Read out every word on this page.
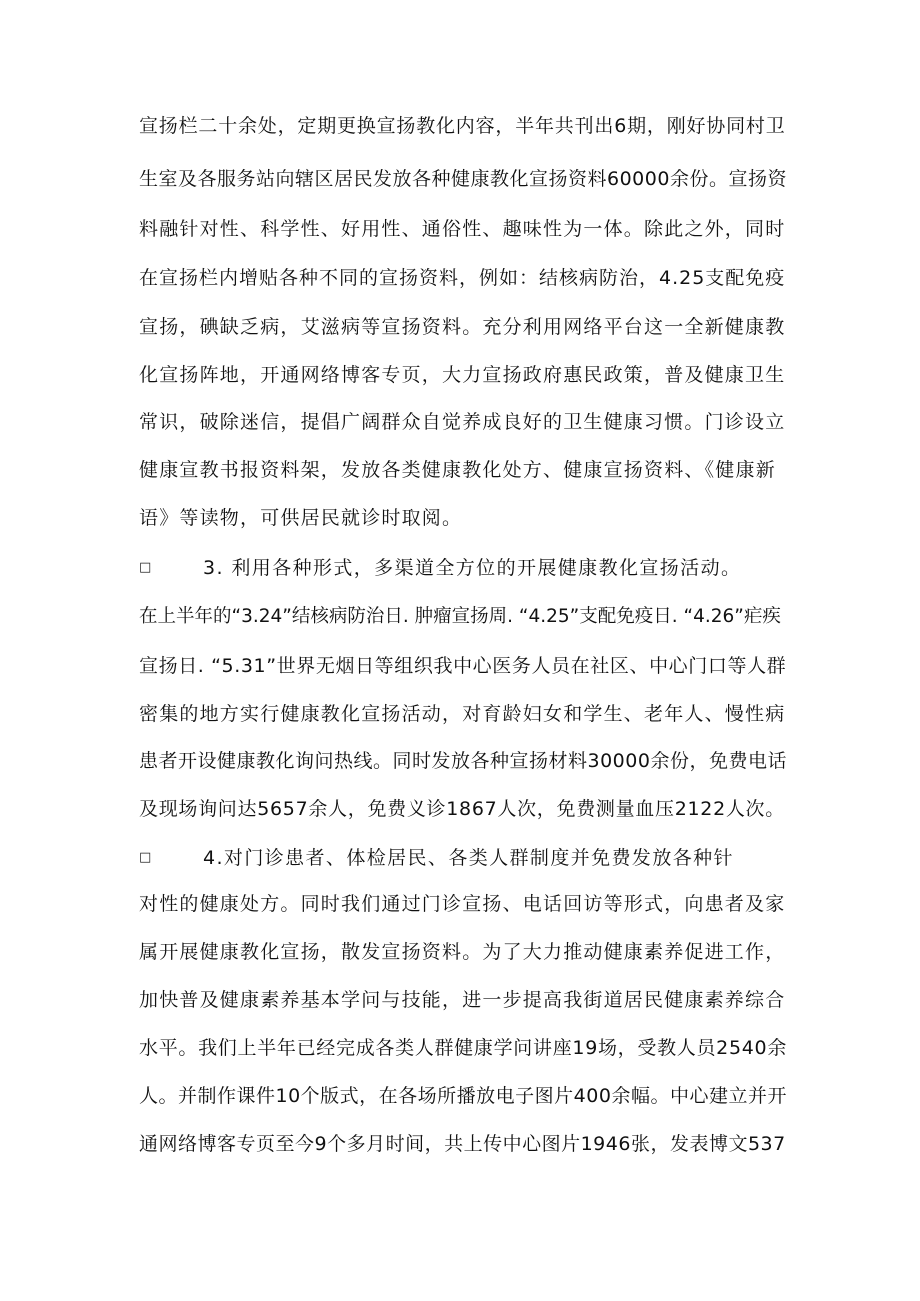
宣扬栏二十余处，定期更换宣扬教化内容，半年共刊出6期，刚好协同村卫
生室及各服务站向辖区居民发放各种健康教化宣扬资料60000余份。宣扬资
料融针对性、科学性、好用性、通俗性、趣味性为一体。除此之外，同时
在宣扬栏内增贴各种不同的宣扬资料，例如：结核病防治，4.25支配免疫
宣扬，碘缺乏病，艾滋病等宣扬资料。充分利用网络平台这一全新健康教
化宣扬阵地，开通网络博客专页，大力宣扬政府惠民政策，普及健康卫生
常识，破除迷信，提倡广阔群众自觉养成良好的卫生健康习惯。门诊设立
健康宣教书报资料架，发放各类健康教化处方、健康宣扬资料、《健康新
语》等读物，可供居民就诊时取阅。
□	3. 利用各种形式，多渠道全方位的开展健康教化宣扬活动。
在上半年的“3.24”结核病防治日. 肿瘤宣扬周. “4.25”支配免疫日. “4.26”疟疾
宣扬日. “5.31”世界无烟日等组织我中心医务人员在社区、中心门口等人群
密集的地方实行健康教化宣扬活动，对育龄妇女和学生、老年人、慢性病
患者开设健康教化询问热线。同时发放各种宣扬材料30000余份，免费电话
及现场询问达5657余人，免费义诊1867人次，免费测量血压2122人次。
□	4.对门诊患者、体检居民、各类人群制度并免费发放各种针
对性的健康处方。同时我们通过门诊宣扬、电话回访等形式，向患者及家
属开展健康教化宣扬，散发宣扬资料。为了大力推动健康素养促进工作，
加快普及健康素养基本学问与技能，进一步提高我街道居民健康素养综合
水平。我们上半年已经完成各类人群健康学问讲座19场，受教人员2540余
人。并制作课件10个版式，在各场所播放电子图片400余幅。中心建立并开
通网络博客专页至今9个多月时间，共上传中心图片1946张，发表博文537
